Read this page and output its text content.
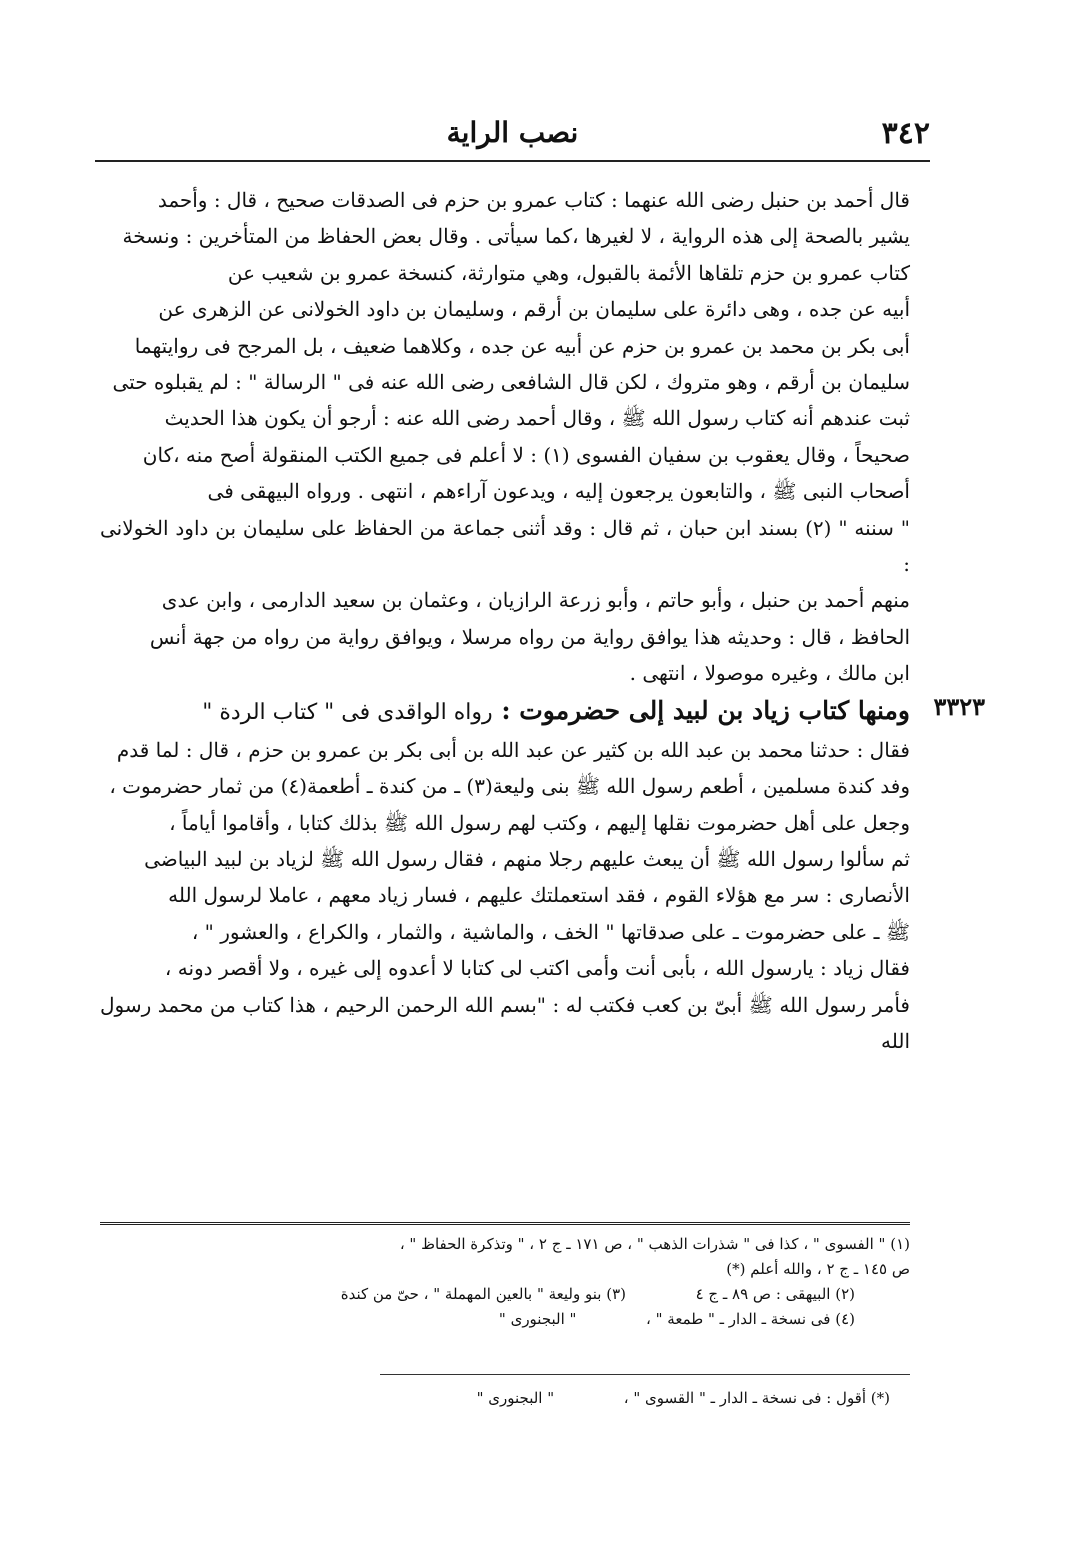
٣٤٢
نصب الراية

قال أحمد بن حنبل رضى الله عنهما : كتاب عمرو بن حزم فى الصدقات صحيح ، قال : وأحمد

يشير بالصحة إلى هذه الرواية ، لا لغيرها ،كما سيأتى . وقال بعض الحفاظ من المتأخرين : ونسخة

كتاب عمرو بن حزم تلقاها الأئمة بالقبول، وهي متوارثة، كنسخة عمرو بن شعيب عن

أبيه عن جده ، وهى دائرة على سليمان بن أرقم ، وسليمان بن داود الخولانى عن الزهرى عن

أبى بكر بن محمد بن عمرو بن حزم عن أبيه عن جده ، وكلاهما ضعيف ، بل المرجح فى روايتهما

سليمان بن أرقم ، وهو متروك ، لكن قال الشافعى رضى الله عنه فى " الرسالة " : لم يقبلوه حتى

ثبت عندهم أنه كتاب رسول الله ﷺ ، وقال أحمد رضى الله عنه : أرجو أن يكون هذا الحديث

صحيحاً ، وقال يعقوب بن سفيان الفسوى (١) : لا أعلم فى جميع الكتب المنقولة أصح منه ،كان

أصحاب النبى ﷺ ، والتابعون يرجعون إليه ، ويدعون آراءهم ، انتهى . ورواه البيهقى فى

" سننه " (٢) بسند ابن حبان ، ثم قال : وقد أثنى جماعة من الحفاظ على سليمان بن داود الخولانى :

منهم أحمد بن حنبل ، وأبو حاتم ، وأبو زرعة الرازيان ، وعثمان بن سعيد الدارمى ، وابن عدى

الحافظ ، قال : وحديثه هذا يوافق رواية من رواه مرسلا ، ويوافق رواية من رواه من جهة أنس

ابن مالك ، وغيره موصولا ، انتهى .

٣٣٢٣

ومنها كتاب زياد بن لبيد إلى حضرموت : رواه الواقدى فى " كتاب الردة "

فقال : حدثنا محمد بن عبد الله بن كثير عن عبد الله بن أبى بكر بن عمرو بن حزم ، قال : لما قدم

وفد كندة مسلمين ، أطعم رسول الله ﷺ بنى وليعة(٣) ـ من كندة ـ أطعمة(٤) من ثمار حضرموت ،

وجعل على أهل حضرموت نقلها إليهم ، وكتب لهم رسول الله ﷺ بذلك كتابا ، وأقاموا أياماً ،

ثم سألوا رسول الله ﷺ أن يبعث عليهم رجلا منهم ، فقال رسول الله ﷺ لزياد بن لبيد البياضى

الأنصارى : سر مع هؤلاء القوم ، فقد استعملتك عليهم ، فسار زياد معهم ، عاملا لرسول الله

ﷺ ـ على حضرموت ـ على صدقاتها " الخف ، والماشية ، والثمار ، والكراع ، والعشور " ،

فقال زياد : يارسول الله ، بأبى أنت وأمى اكتب لى كتابا لا أعدوه إلى غيره ، ولا أقصر دونه ،

فأمر رسول الله ﷺ أبىّ بن كعب فكتب له : "بسم الله الرحمن الرحيم ، هذا كتاب من محمد رسول الله

(١) " الفسوى " ، كذا فى " شذرات الذهب " ، ص ١٧١ ـ ج ٢ ، " وتذكرة الحفاظ " ،

ص ١٤٥ ـ ج ٢ ، والله أعلم (*)

(٢) البيهقى : ص ٨٩ ـ ج ٤  (٣) بنو وليعة " بالعين المهملة " ، حىّ من كندة

(٤) فى نسخة ـ الدار ـ " طمعة " ،  " البجنورى "

(*) أقول : فى نسخة ـ الدار ـ " القسوى " ،  " البجنورى "
